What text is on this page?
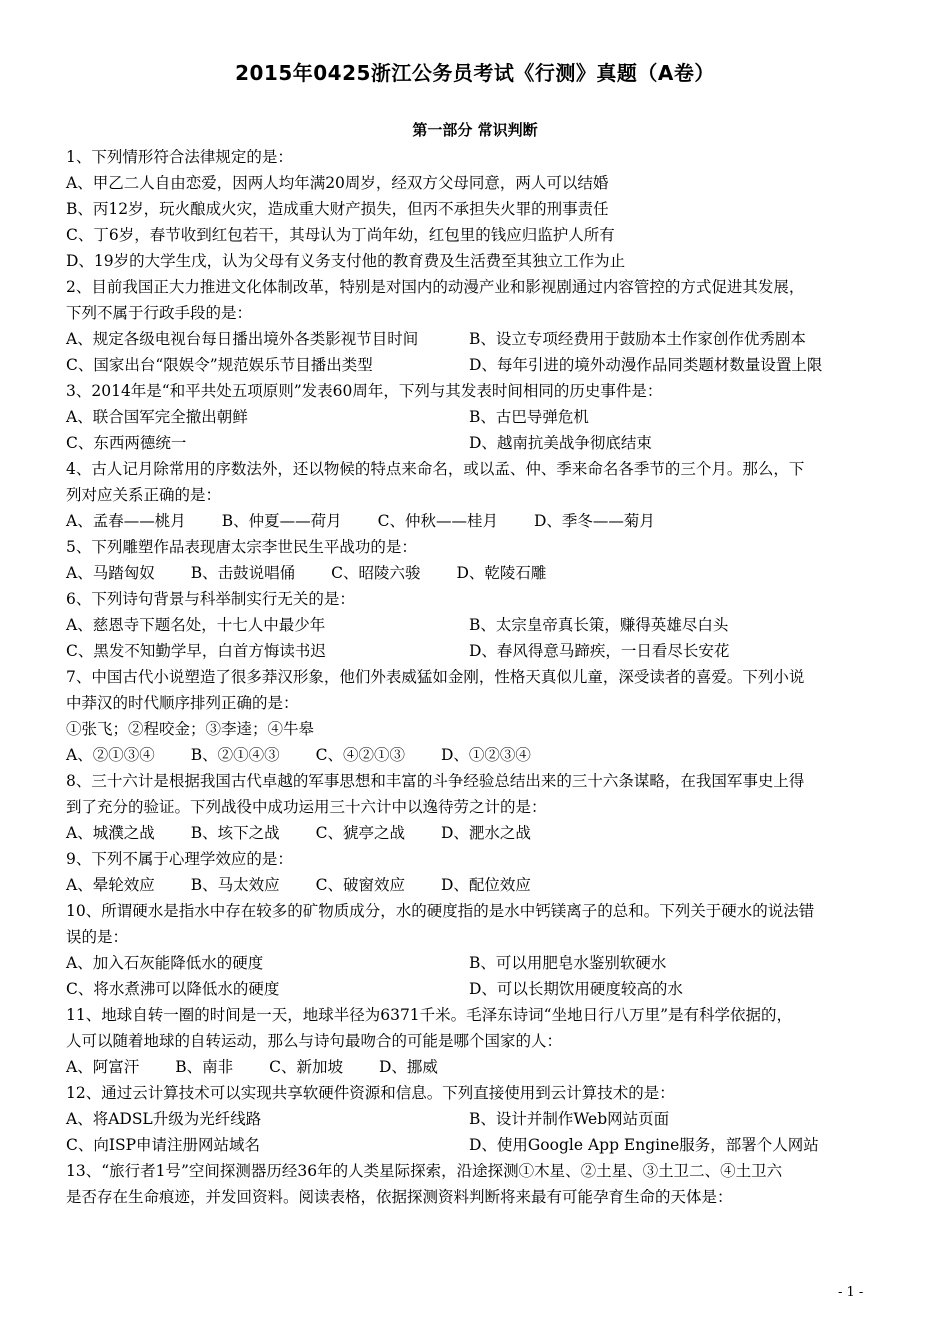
2015年0425浙江公务员考试《行测》真题（A卷）
第一部分 常识判断

1、下列情形符合法律规定的是：

A、甲乙二人自由恋爱，因两人均年满20周岁，经双方父母同意，两人可以结婚
B、丙12岁，玩火酿成火灾，造成重大财产损失，但丙不承担失火罪的刑事责任
C、丁6岁，春节收到红包若干，其母认为丁尚年幼，红包里的钱应归监护人所有
D、19岁的大学生戊，认为父母有义务支付他的教育费及生活费至其独立工作为止

2、目前我国正大力推进文化体制改革，特别是对国内的动漫产业和影视剧通过内容管控的方式促进其发展，

下列不属于行政手段的是：

A、规定各级电视台每日播出境外各类影视节目时间	B、设立专项经费用于鼓励本土作家创作优秀剧本
C、国家出台“限娱令”规范娱乐节目播出类型	D、每年引进的境外动漫作品同类题材数量设置上限

3、2014年是“和平共处五项原则”发表60周年，下列与其发表时间相同的历史事件是：

A、联合国军完全撤出朝鲜	B、古巴导弹危机
C、东西两德统一	D、越南抗美战争彻底结束

4、古人记月除常用的序数法外，还以物候的特点来命名，或以孟、仲、季来命名各季节的三个月。那么，下

列对应关系正确的是：

A、孟春——桃月 B、仲夏——荷月 C、仲秋——桂月 D、季冬——菊月

5、下列雕塑作品表现唐太宗李世民生平战功的是：

A、马踏匈奴 B、击鼓说唱俑 C、昭陵六骏 D、乾陵石雕

6、下列诗句背景与科举制实行无关的是：

A、慈恩寺下题名处，十七人中最少年	B、太宗皇帝真长策，赚得英雄尽白头
C、黑发不知勤学早，白首方悔读书迟	D、春风得意马蹄疾，一日看尽长安花

7、中国古代小说塑造了很多莽汉形象，他们外表威猛如金刚，性格天真似儿童，深受读者的喜爱。下列小说

中莽汉的时代顺序排列正确的是：

①张飞；②程咬金；③李逵；④牛皋

A、②①③④ B、②①④③ C、④②①③ D、①②③④

8、三十六计是根据我国古代卓越的军事思想和丰富的斗争经验总结出来的三十六条谋略，在我国军事史上得

到了充分的验证。下列战役中成功运用三十六计中以逸待劳之计的是：

A、城濮之战 B、垓下之战 C、猇亭之战 D、淝水之战

9、下列不属于心理学效应的是：

A、晕轮效应 B、马太效应 C、破窗效应 D、配位效应

10、所谓硬水是指水中存在较多的矿物质成分，水的硬度指的是水中钙镁离子的总和。下列关于硬水的说法错

误的是：

A、加入石灰能降低水的硬度	B、可以用肥皂水鉴别软硬水
C、将水煮沸可以降低水的硬度	D、可以长期饮用硬度较高的水

11、地球自转一圈的时间是一天，地球半径为6371千米。毛泽东诗词“坐地日行八万里”是有科学依据的，

人可以随着地球的自转运动，那么与诗句最吻合的可能是哪个国家的人：

A、阿富汗 B、南非 C、新加坡 D、挪威

12、通过云计算技术可以实现共享软硬件资源和信息。下列直接使用到云计算技术的是：

A、将ADSL升级为光纤线路	B、设计并制作Web网站页面
C、向ISP申请注册网站域名	D、使用Google App Engine服务，部署个人网站

13、“旅行者1号”空间探测器历经36年的人类星际探索，沿途探测①木星、②土星、③土卫二、④土卫六

是否存在生命痕迹，并发回资料。阅读表格，依据探测资料判断将来最有可能孕育生命的天体是：

- 1 -
